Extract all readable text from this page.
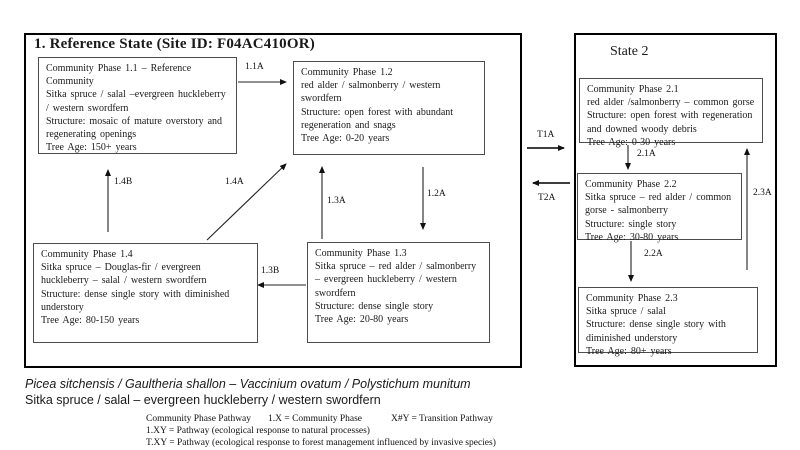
1. Reference State (Site ID: F04AC410OR)	State 2
1.1A
1.4B	1.4A
1.3A
1.2A
1.3B
T1A
T2A
2.1A
2.2A
2.3A
Community Phase 1.1 – Reference Community
Sitka spruce / salal –evergreen huckleberry / western swordfern
Structure: mosaic of mature overstory and regenerating openings
Tree Age: 150+ years
Community Phase 1.2
red alder / salmonberry / western swordfern
Structure: open forest with abundant regeneration and snags
Tree Age: 0-20 years
Community Phase 1.4
Sitka spruce – Douglas-fir / evergreen huckleberry – salal / western swordfern
Structure: dense single story with diminished understory
Tree Age: 80-150 years
Community Phase 1.3
Sitka spruce – red alder / salmonberry – evergreen huckleberry / western swordfern
Structure: dense single story
Tree Age: 20-80 years
Community Phase 2.1
red alder /salmonberry – common gorse
Structure: open forest with regeneration and downed woody debris
Tree Age: 0-30 years
Community Phase 2.2
Sitka spruce – red alder / common gorse - salmonberry
Structure: single story
Tree Age: 30-80 years
Community Phase 2.3
Sitka spruce / salal
Structure: dense single story with diminished understory
Tree Age: 80+ years
Picea sitchensis / Gaultheria shallon – Vaccinium ovatum / Polystichum munitum
Sitka spruce / salal – evergreen huckleberry / western swordfern
Community Phase Pathway 1.X = Community Phase	X#Y = Transition Pathway
1.XY = Pathway (ecological response to natural processes)
T.XY = Pathway (ecological response to forest management influenced by invasive species)
